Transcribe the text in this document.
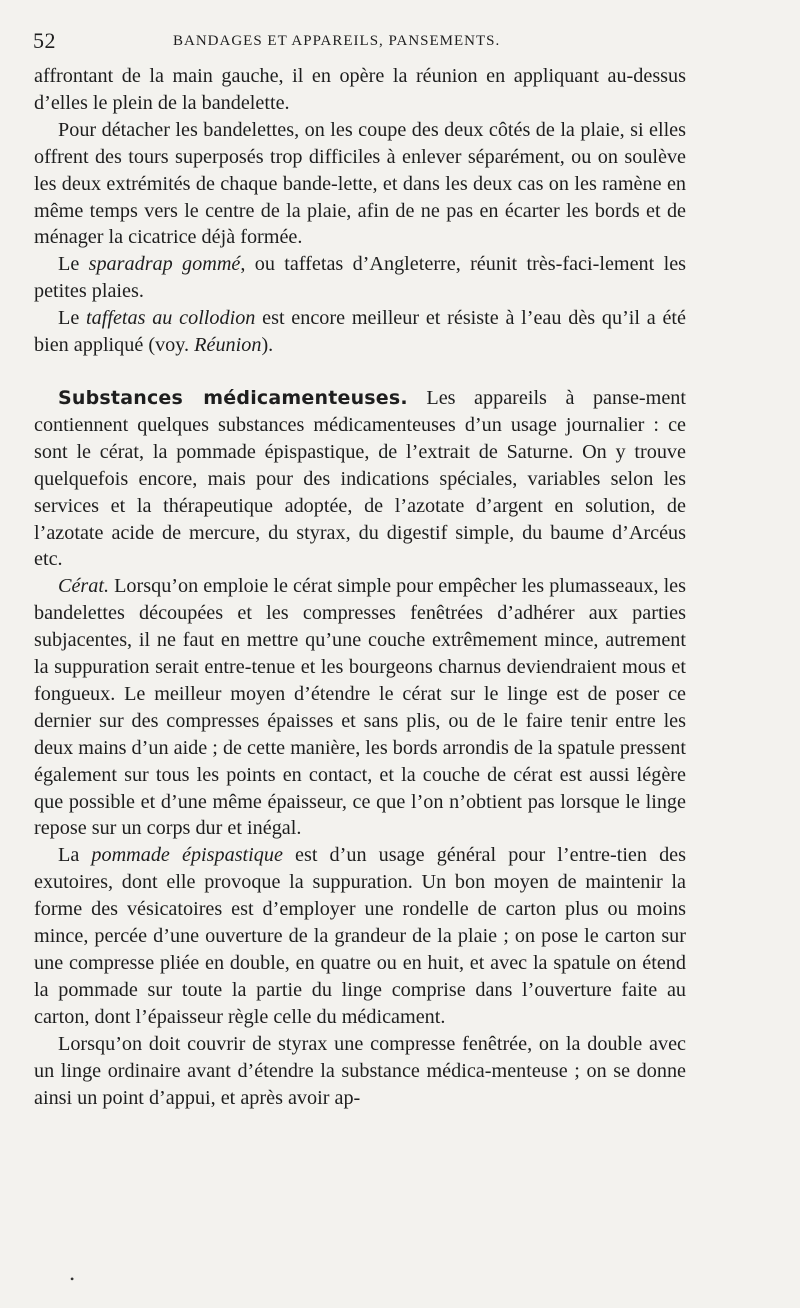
52	BANDAGES ET APPAREILS, PANSEMENTS.

affrontant de la main gauche, il en opère la réunion en appliquant au-dessus d’elles le plein de la bandelette.

Pour détacher les bandelettes, on les coupe des deux côtés de la plaie, si elles offrent des tours superposés trop difficiles à enlever séparément, ou on soulève les deux extrémités de chaque bande-lette, et dans les deux cas on les ramène en même temps vers le centre de la plaie, afin de ne pas en écarter les bords et de ménager la cicatrice déjà formée.

Le sparadrap gommé, ou taffetas d’Angleterre, réunit très-faci-lement les petites plaies.

Le taffetas au collodion est encore meilleur et résiste à l’eau dès qu’il a été bien appliqué (voy. Réunion).

Substances médicamenteuses. Les appareils à panse-ment contiennent quelques substances médicamenteuses d’un usage journalier : ce sont le cérat, la pommade épispastique, de l’extrait de Saturne. On y trouve quelquefois encore, mais pour des indications spéciales, variables selon les services et la thérapeutique adoptée, de l’azotate d’argent en solution, de l’azotate acide de mercure, du styrax, du digestif simple, du baume d’Arcéus etc.

Cérat. Lorsqu’on emploie le cérat simple pour empêcher les plumasseaux, les bandelettes découpées et les compresses fenêtrées d’adhérer aux parties subjacentes, il ne faut en mettre qu’une couche extrêmement mince, autrement la suppuration serait entre-tenue et les bourgeons charnus deviendraient mous et fongueux. Le meilleur moyen d’étendre le cérat sur le linge est de poser ce dernier sur des compresses épaisses et sans plis, ou de le faire tenir entre les deux mains d’un aide ; de cette manière, les bords arrondis de la spatule pressent également sur tous les points en contact, et la couche de cérat est aussi légère que possible et d’une même épaisseur, ce que l’on n’obtient pas lorsque le linge repose sur un corps dur et inégal.

La pommade épispastique est d’un usage général pour l’entre-tien des exutoires, dont elle provoque la suppuration. Un bon moyen de maintenir la forme des vésicatoires est d’employer une rondelle de carton plus ou moins mince, percée d’une ouverture de la grandeur de la plaie ; on pose le carton sur une compresse pliée en double, en quatre ou en huit, et avec la spatule on étend la pommade sur toute la partie du linge comprise dans l’ouverture faite au carton, dont l’épaisseur règle celle du médicament.

Lorsqu’on doit couvrir de styrax une compresse fenêtrée, on la double avec un linge ordinaire avant d’étendre la substance médica-menteuse ; on se donne ainsi un point d’appui, et après avoir ap-

•
